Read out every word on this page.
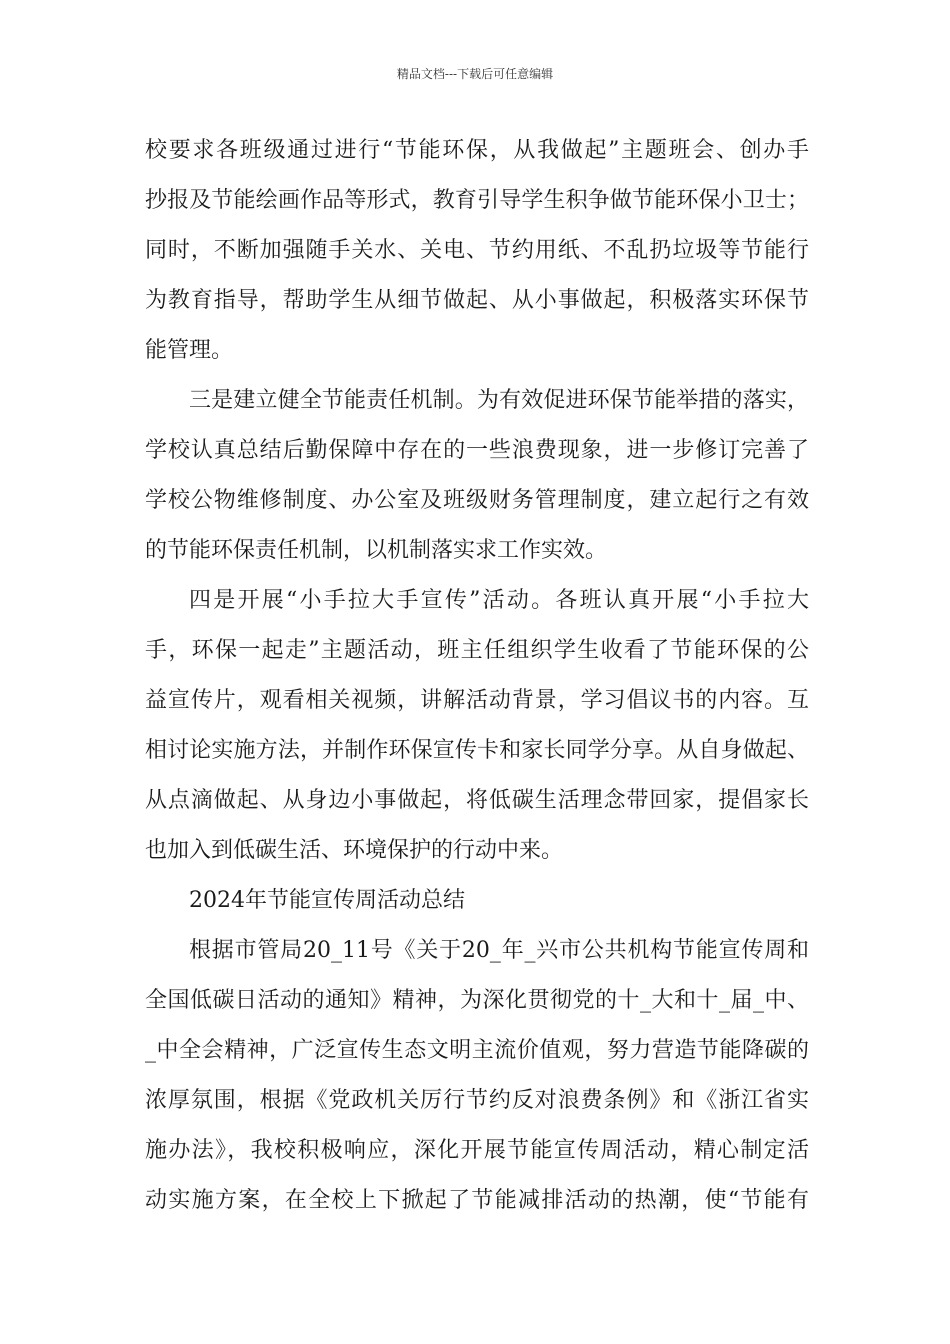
精品文档---下载后可任意编辑
校要求各班级通过进行“节能环保，从我做起”主题班会、创办手
抄报及节能绘画作品等形式，教育引导学生积争做节能环保小卫士；
同时，不断加强随手关水、关电、节约用纸、不乱扔垃圾等节能行
为教育指导，帮助学生从细节做起、从小事做起，积极落实环保节
能管理。
三是建立健全节能责任机制。为有效促进环保节能举措的落实，
学校认真总结后勤保障中存在的一些浪费现象，进一步修订完善了
学校公物维修制度、办公室及班级财务管理制度，建立起行之有效
的节能环保责任机制，以机制落实求工作实效。
四是开展“小手拉大手宣传”活动。各班认真开展“小手拉大
手，环保一起走”主题活动，班主任组织学生收看了节能环保的公
益宣传片，观看相关视频，讲解活动背景，学习倡议书的内容。互
相讨论实施方法，并制作环保宣传卡和家长同学分享。从自身做起、
从点滴做起、从身边小事做起，将低碳生活理念带回家，提倡家长
也加入到低碳生活、环境保护的行动中来。
2024年节能宣传周活动总结
根据市管局20_11号《关于20_年_兴市公共机构节能宣传周和
全国低碳日活动的通知》精神，为深化贯彻党的十_大和十_届_中、
_中全会精神，广泛宣传生态文明主流价值观，努力营造节能降碳的
浓厚氛围，根据《党政机关厉行节约反对浪费条例》和《浙江省实
施办法》，我校积极响应，深化开展节能宣传周活动，精心制定活
动实施方案，在全校上下掀起了节能减排活动的热潮，使“节能有
